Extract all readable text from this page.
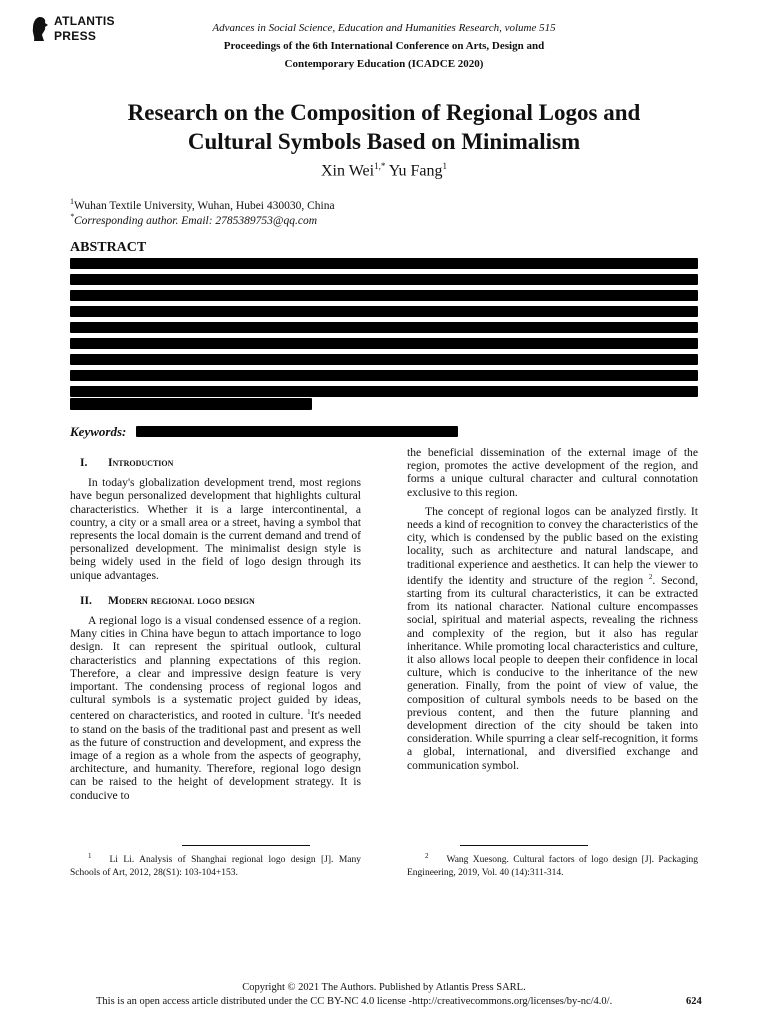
ATLANTIS
PRESS
Advances in Social Science, Education and Humanities Research, volume 515
Proceedings of the 6th International Conference on Arts, Design and
Contemporary Education (ICADCE 2020)
Research on the Composition of Regional Logos and
Cultural Symbols Based on Minimalism
Xin Wei$^{1,*}$ Yu Fang$^1$
$^1$Wuhan Textile University, Wuhan, Hubei 430030, China
*Corresponding author. Email: 2785389753@qq.com
ABSTRACT
Keywords:
I. Introduction

In today's globalization development trend, most regions have begun personalized development that highlights cultural characteristics. Whether it is a large intercontinental, a country, a city or a small area or a street, having a symbol that represents the local domain is the current demand and trend of personalized development. The minimalist design style is being widely used in the field of logo design through its unique advantages.

II. Modern regional logo design

A regional logo is a visual condensed essence of a region. Many cities in China have begun to attach importance to logo design. It can represent the spiritual outlook, cultural characteristics and planning expectations of this region. Therefore, a clear and impressive design feature is very important. The condensing process of regional logos and cultural symbols is a systematic project guided by ideas, centered on characteristics, and rooted in culture. $^1$It's needed to stand on the basis of the traditional past and present as well as the future of construction and development, and express the image of a region as a whole from the aspects of geography, architecture, and humanity. Therefore, regional logo design can be raised to the height of development strategy. It is conducive to

the beneficial dissemination of the external image of the region, promotes the active development of the region, and forms a unique cultural character and cultural connotation exclusive to this region.

The concept of regional logos can be analyzed firstly. It needs a kind of recognition to convey the characteristics of the city, which is condensed by the public based on the existing locality, such as architecture and natural landscape, and traditional experience and aesthetics. It can help the viewer to identify the identity and structure of the region $^2$. Second, starting from its cultural characteristics, it can be extracted from its national character. National culture encompasses social, spiritual and material aspects, revealing the richness and complexity of the region, but it also has regular inheritance. While promoting local characteristics and culture, it also allows local people to deepen their confidence in local culture, which is conducive to the inheritance of the new generation. Finally, from the point of view of value, the composition of cultural symbols needs to be based on the previous content, and then the future planning and development direction of the city should be taken into consideration. While spurring a clear self-recognition, it forms a global, international, and diversified exchange and communication symbol.

$^1$ Li Li. Analysis of Shanghai regional logo design [J]. Many Schools of Art, 2012, 28(S1): 103-104+153.
$^2$ Wang Xuesong. Cultural factors of logo design [J]. Packaging Engineering, 2019, Vol. 40 (14):311-314.
Copyright © 2021 The Authors. Published by Atlantis Press SARL.
This is an open access article distributed under the CC BY-NC 4.0 license -http://creativecommons.org/licenses/by-nc/4.0/.	624
